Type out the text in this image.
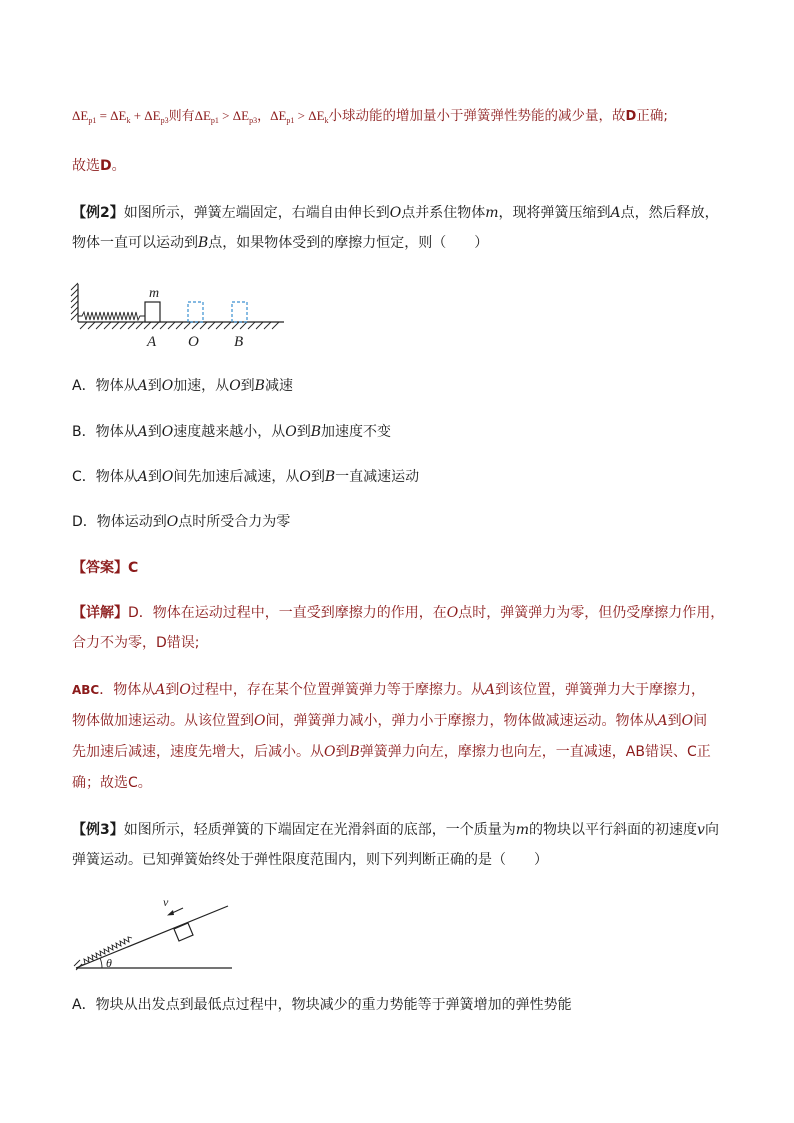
$\Delta E_{p1} = \Delta E_k + \Delta E_{p3}$则有$\Delta E_{p1} > \Delta E_{p3}$，$\Delta E_{p1} > \Delta E_k$小球动能的增加量小于弹簧弹性势能的减少量，故D正确;
故选D。
【例2】如图所示，弹簧左端固定，右端自由伸长到O点并系住物体m，现将弹簧压缩到A点，然后释放，
物体一直可以运动到B点，如果物体受到的摩擦力恒定，则（　　）
m
A O B
A．物体从A到O加速，从O到B减速
B．物体从A到O速度越来越小，从O到B加速度不变
C．物体从A到O间先加速后减速，从O到B一直减速运动
D．物体运动到O点时所受合力为零
【答案】C
【详解】D．物体在运动过程中，一直受到摩擦力的作用，在O点时，弹簧弹力为零，但仍受摩擦力作用，
合力不为零，D错误;
ABC．物体从A到O过程中，存在某个位置弹簧弹力等于摩擦力。从A到该位置，弹簧弹力大于摩擦力，
物体做加速运动。从该位置到O间，弹簧弹力减小，弹力小于摩擦力，物体做减速运动。物体从A到O间
先加速后减速，速度先增大，后减小。从O到B弹簧弹力向左，摩擦力也向左，一直减速，AB错误、C正
确；故选C。
【例3】如图所示，轻质弹簧的下端固定在光滑斜面的底部，一个质量为m的物块以平行斜面的初速度v向
弹簧运动。已知弹簧始终处于弹性限度范围内，则下列判断正确的是（　　）
v
θ
A．物块从出发点到最低点过程中，物块减少的重力势能等于弹簧增加的弹性势能
